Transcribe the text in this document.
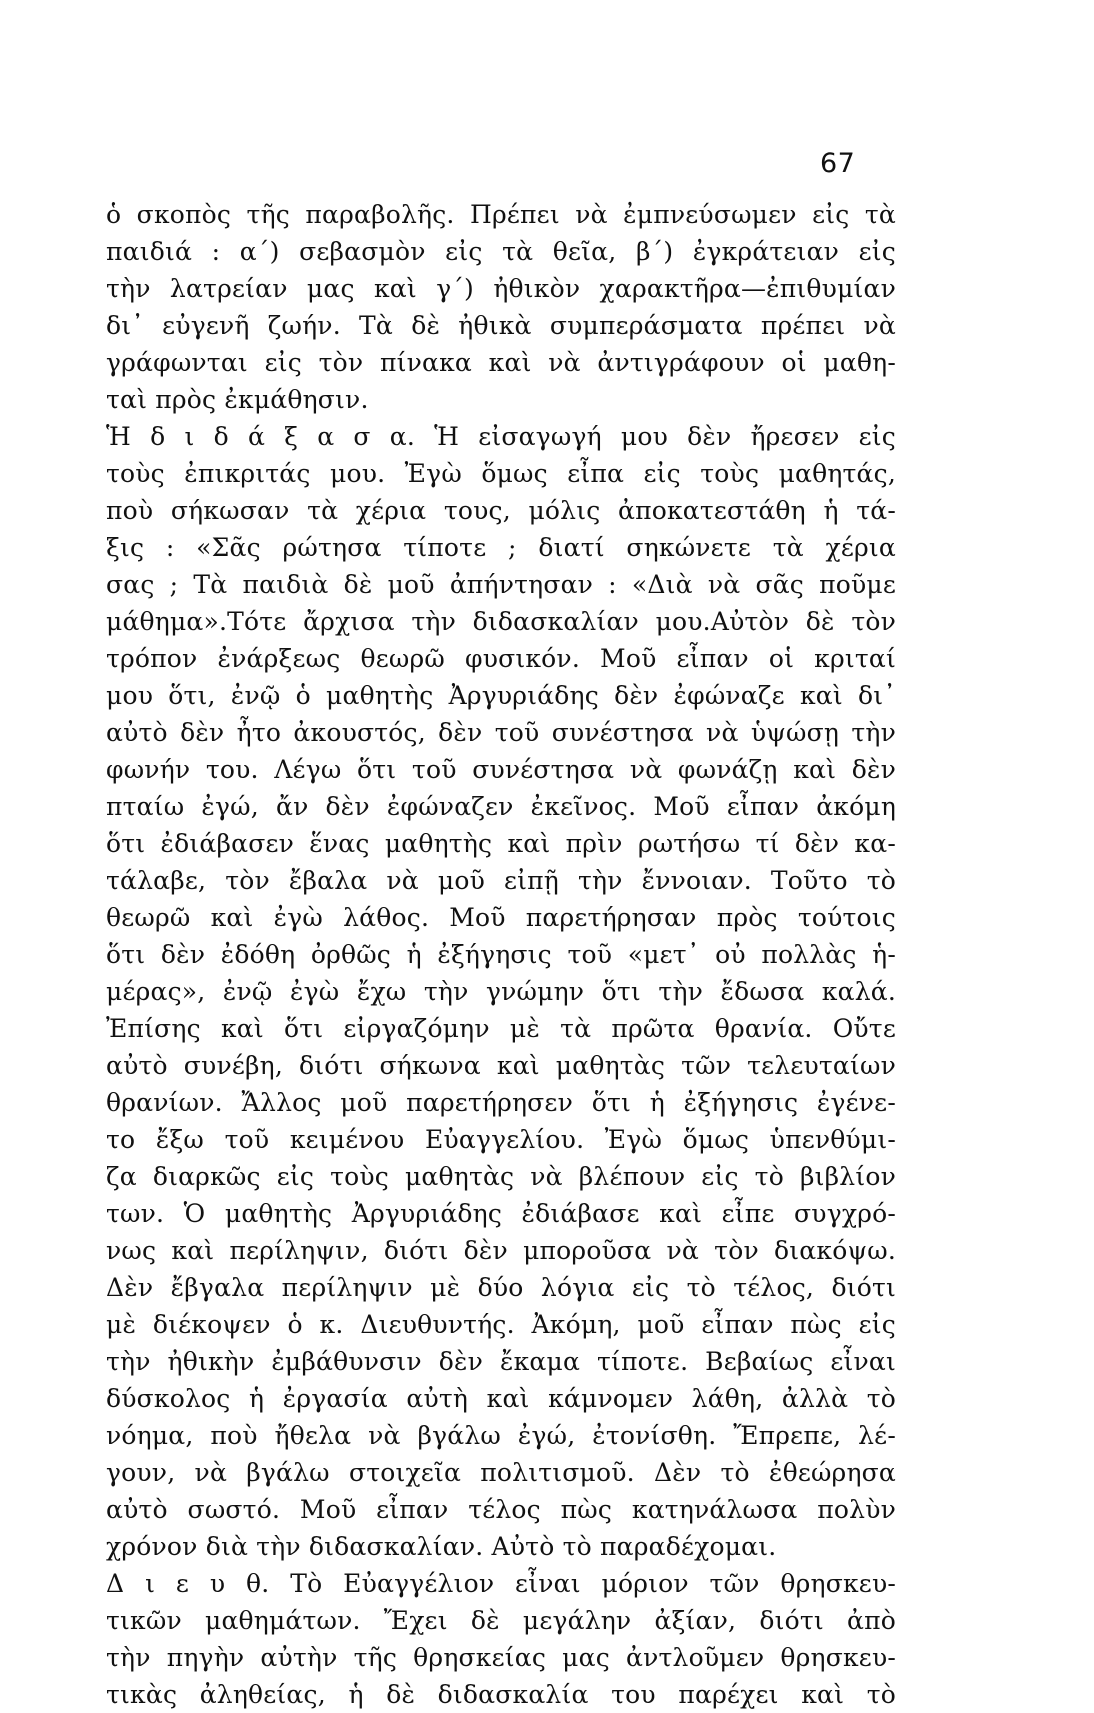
67
ὁ σκοπὸς τῆς παραβολῆς. Πρέπει νὰ ἐμπνεύσωμεν εἰς τὰ
παιδιά : α΄) σεβασμὸν εἰς τὰ θεῖα, β΄) ἐγκράτειαν εἰς
τὴν λατρείαν μας καὶ γ΄) ἠθικὸν χαρακτῆρα—ἐπιθυμίαν
δι᾿ εὐγενῆ ζωήν. Τὰ δὲ ἠθικὰ συμπεράσματα πρέπει νὰ
γράφωνται εἰς τὸν πίνακα καὶ νὰ ἀντιγράφουν οἱ μαθη-
ταὶ πρὸς ἐκμάθησιν.
Ἡ δ ι δ ά ξ α σ α. Ἡ εἰσαγωγή μου δὲν ἤρεσεν εἰς
τοὺς ἐπικριτάς μου. Ἐγὼ ὅμως εἶπα εἰς τοὺς μαθητάς,
ποὺ σήκωσαν τὰ χέρια τους, μόλις ἀποκατεστάθη ἡ τά-
ξις : «Σᾶς ρώτησα τίποτε ; διατί σηκώνετε τὰ χέρια
σας ; Τὰ παιδιὰ δὲ μοῦ ἀπήντησαν : «Διὰ νὰ σᾶς ποῦμε
μάθημα».Τότε ἄρχισα τὴν διδασκαλίαν μου.Αὐτὸν δὲ τὸν
τρόπον ἐνάρξεως θεωρῶ φυσικόν. Μοῦ εἶπαν οἱ κριταί
μου ὅτι, ἐνῷ ὁ μαθητὴς Ἀργυριάδης δὲν ἐφώναζε καὶ δι᾿
αὐτὸ δὲν ἦτο ἀκουστός, δὲν τοῦ συνέστησα νὰ ὑψώσῃ τὴν
φωνήν του. Λέγω ὅτι τοῦ συνέστησα νὰ φωνάζῃ καὶ δὲν
πταίω ἐγώ, ἄν δὲν ἐφώναζεν ἐκεῖνος. Μοῦ εἶπαν ἀκόμη
ὅτι ἐδιάβασεν ἕνας μαθητὴς καὶ πρὶν ρωτήσω τί δὲν κα-
τάλαβε, τὸν ἔβαλα νὰ μοῦ εἰπῇ τὴν ἔννοιαν. Τοῦτο τὸ
θεωρῶ καὶ ἐγὼ λάθος. Μοῦ παρετήρησαν πρὸς τούτοις
ὅτι δὲν ἐδόθη ὀρθῶς ἡ ἐξήγησις τοῦ «μετ᾿ οὐ πολλὰς ἡ-
μέρας», ἐνῷ ἐγὼ ἔχω τὴν γνώμην ὅτι τὴν ἔδωσα καλά.
Ἐπίσης καὶ ὅτι εἰργαζόμην μὲ τὰ πρῶτα θρανία. Οὔτε
αὐτὸ συνέβη, διότι σήκωνα καὶ μαθητὰς τῶν τελευταίων
θρανίων. Ἄλλος μοῦ παρετήρησεν ὅτι ἡ ἐξήγησις ἐγένε-
το ἔξω τοῦ κειμένου Εὐαγγελίου. Ἐγὼ ὅμως ὑπενθύμι-
ζα διαρκῶς εἰς τοὺς μαθητὰς νὰ βλέπουν εἰς τὸ βιβλίον
των. Ὁ μαθητὴς Ἀργυριάδης ἐδιάβασε καὶ εἶπε συγχρό-
νως καὶ περίληψιν, διότι δὲν μποροῦσα νὰ τὸν διακόψω.
Δὲν ἔβγαλα περίληψιν μὲ δύο λόγια εἰς τὸ τέλος, διότι
μὲ διέκοψεν ὁ κ. Διευθυντής. Ἀκόμη, μοῦ εἶπαν πὼς εἰς
τὴν ἠθικὴν ἐμβάθυνσιν δὲν ἔκαμα τίποτε. Βεβαίως εἶναι
δύσκολος ἡ ἐργασία αὐτὴ καὶ κάμνομεν λάθη, ἀλλὰ τὸ
νόημα, ποὺ ἤθελα νὰ βγάλω ἐγώ, ἐτονίσθη. Ἔπρεπε, λέ-
γουν, νὰ βγάλω στοιχεῖα πολιτισμοῦ. Δὲν τὸ ἐθεώρησα
αὐτὸ σωστό. Μοῦ εἶπαν τέλος πὼς κατηνάλωσα πολὺν
χρόνον διὰ τὴν διδασκαλίαν. Αὐτὸ τὸ παραδέχομαι.
Δ ι ε υ θ. Τὸ Εὐαγγέλιον εἶναι μόριον τῶν θρησκευ-
τικῶν μαθημάτων. Ἔχει δὲ μεγάλην ἀξίαν, διότι ἀπὸ
τὴν πηγὴν αὐτὴν τῆς θρησκείας μας ἀντλοῦμεν θρησκευ-
τικὰς ἀληθείας, ἡ δὲ διδασκαλία του παρέχει καὶ τὸ
